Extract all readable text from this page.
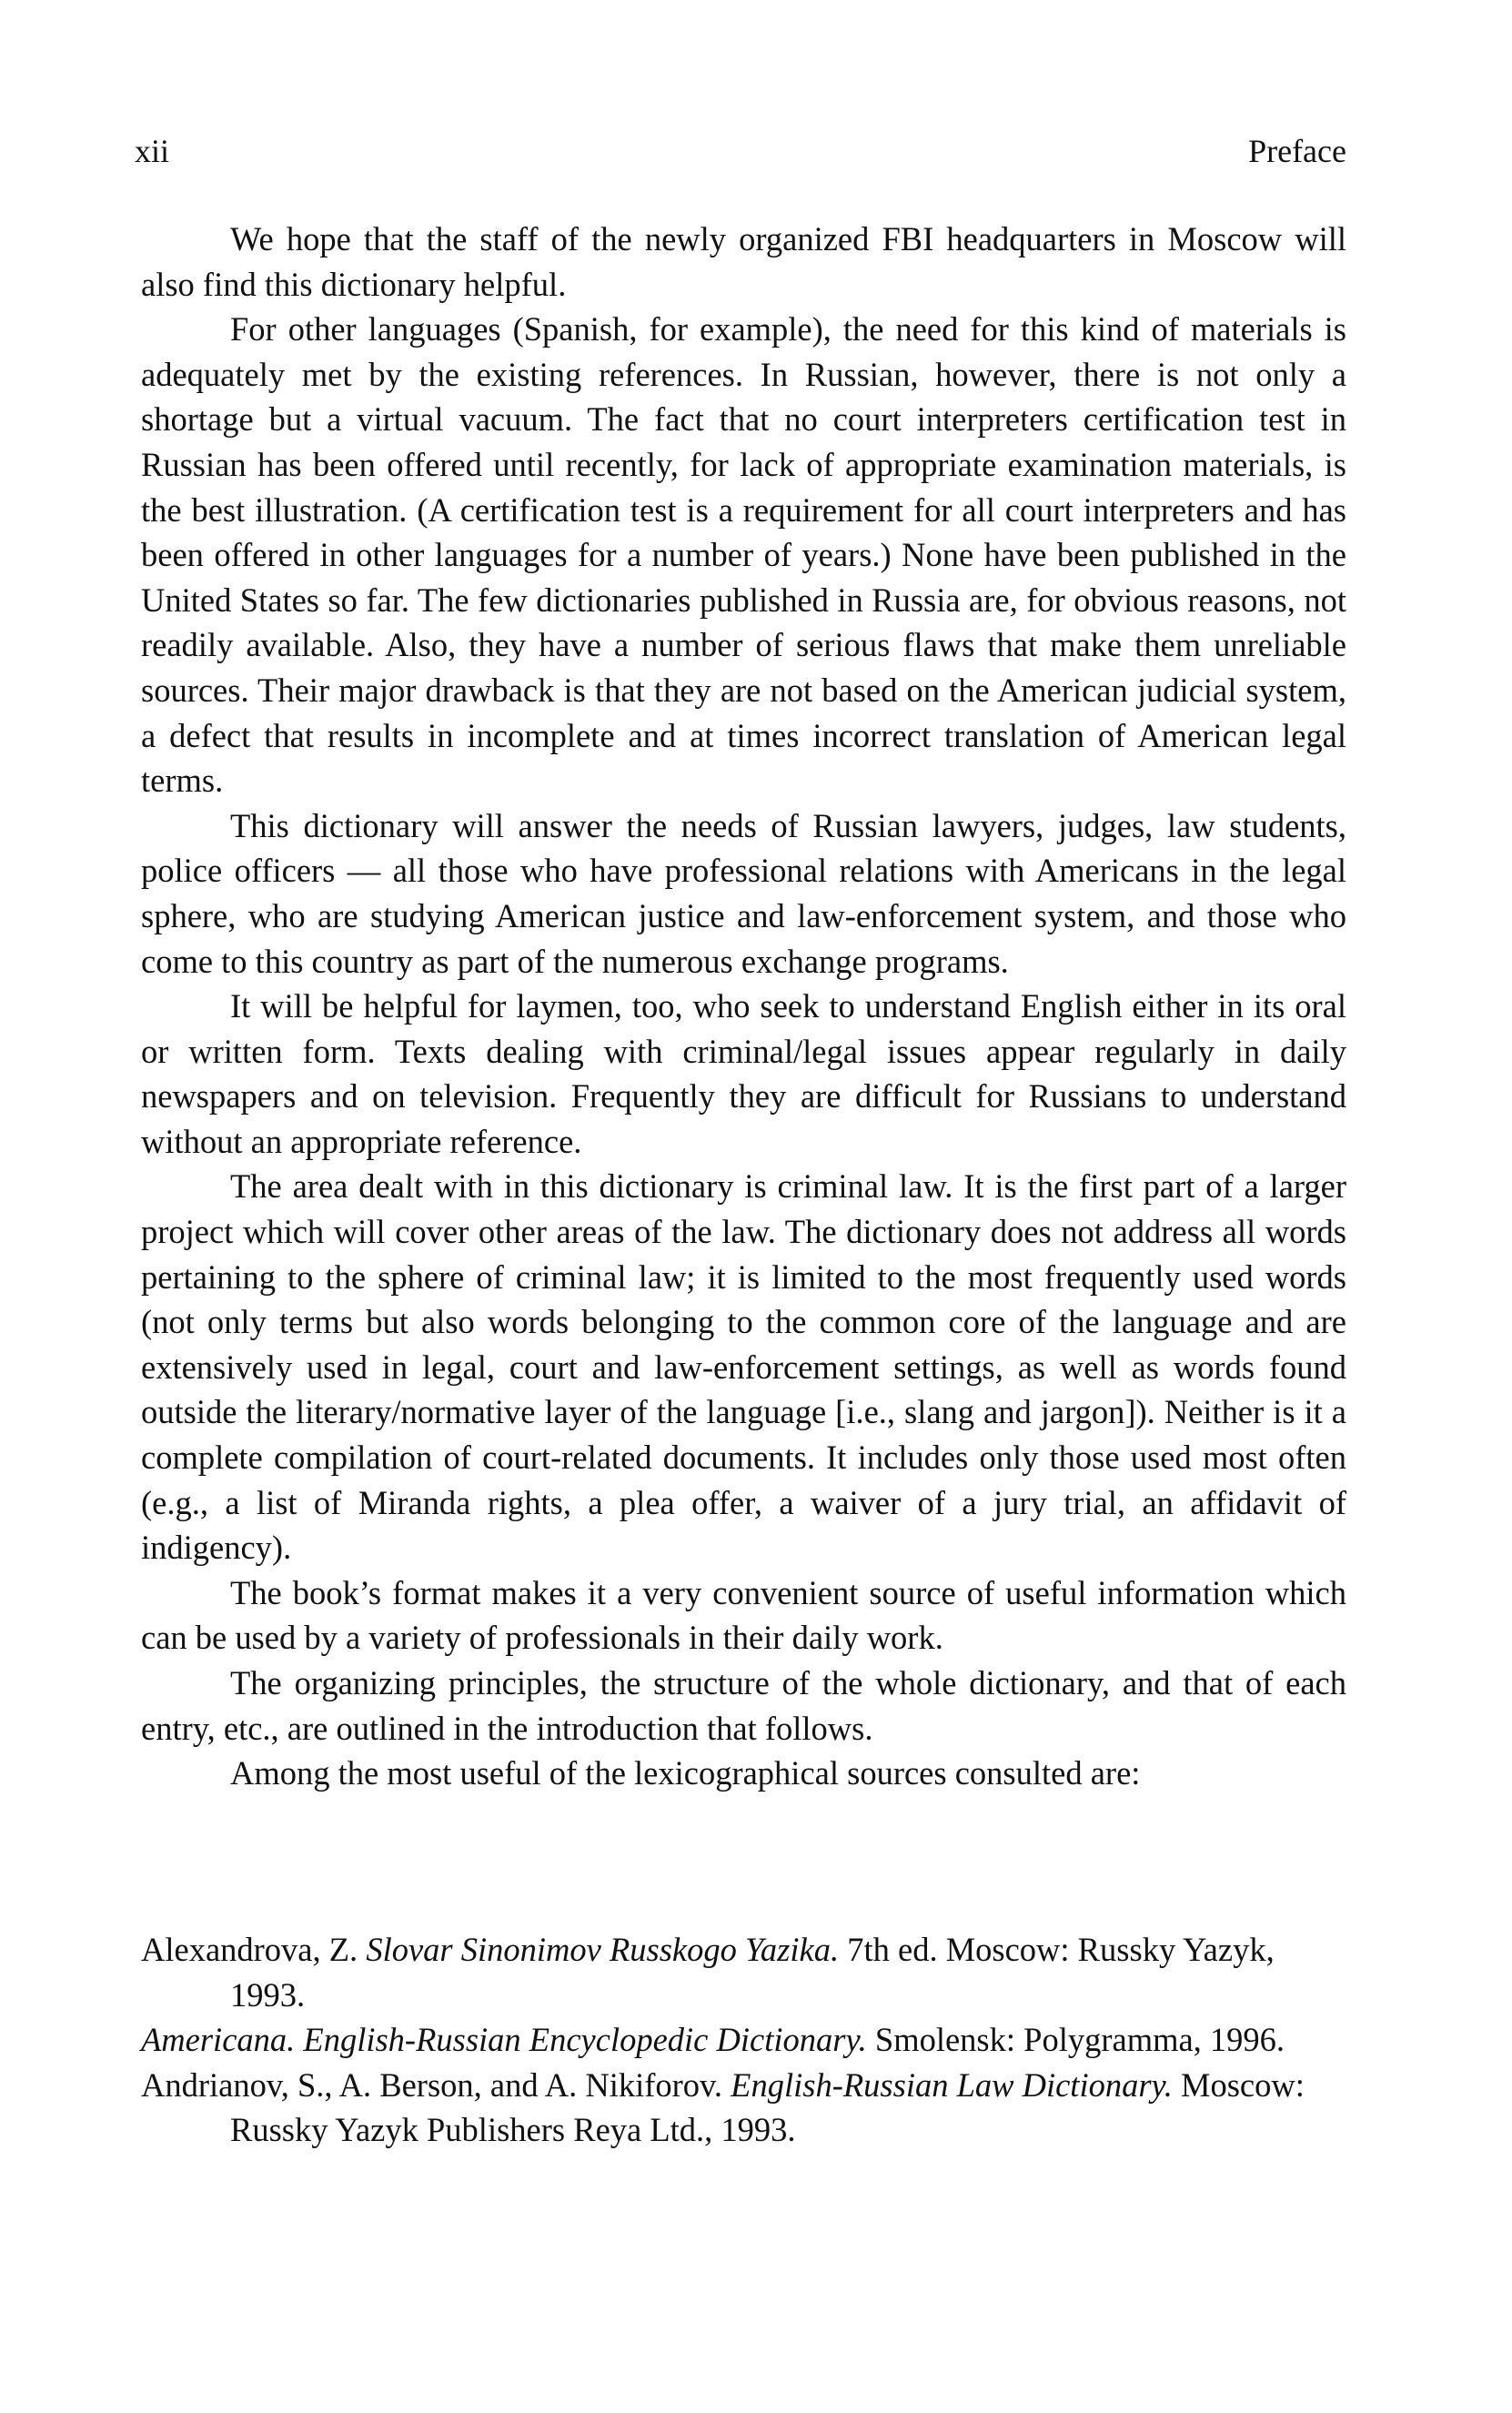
xii	Preface

We hope that the staff of the newly organized FBI headquarters in Moscow will also find this dictionary helpful.

For other languages (Spanish, for example), the need for this kind of materials is adequately met by the existing references. In Russian, however, there is not only a shortage but a virtual vacuum. The fact that no court interpreters certification test in Russian has been offered until recently, for lack of appropriate examination materials, is the best illustration. (A certification test is a requirement for all court interpreters and has been offered in other languages for a number of years.) None have been published in the United States so far. The few dictionaries published in Russia are, for obvious reasons, not readily available. Also, they have a number of serious flaws that make them unreliable sources. Their major drawback is that they are not based on the American judicial system, a defect that results in incomplete and at times incorrect translation of American legal terms.

This dictionary will answer the needs of Russian lawyers, judges, law students, police officers — all those who have professional relations with Americans in the legal sphere, who are studying American justice and law-enforcement system, and those who come to this country as part of the numerous exchange programs.

It will be helpful for laymen, too, who seek to understand English either in its oral or written form. Texts dealing with criminal/legal issues appear regularly in daily newspapers and on television. Frequently they are difficult for Russians to understand without an appropriate reference.

The area dealt with in this dictionary is criminal law. It is the first part of a larger project which will cover other areas of the law. The dictionary does not address all words pertaining to the sphere of criminal law; it is limited to the most frequently used words (not only terms but also words belonging to the common core of the language and are extensively used in legal, court and law-enforcement settings, as well as words found outside the literary/normative layer of the language [i.e., slang and jargon]). Neither is it a complete compilation of court-related documents. It includes only those used most often (e.g., a list of Miranda rights, a plea offer, a waiver of a jury trial, an affidavit of indigency).

The book’s format makes it a very convenient source of useful information which can be used by a variety of professionals in their daily work.

The organizing principles, the structure of the whole dictionary, and that of each entry, etc., are outlined in the introduction that follows.

Among the most useful of the lexicographical sources consulted are:

Alexandrova, Z. Slovar Sinonimov Russkogo Yazika. 7th ed. Moscow: Russky Yazyk, 1993.

Americana. English-Russian Encyclopedic Dictionary. Smolensk: Polygramma, 1996.

Andrianov, S., A. Berson, and A. Nikiforov. English-Russian Law Dictionary. Moscow: Russky Yazyk Publishers Reya Ltd., 1993.
